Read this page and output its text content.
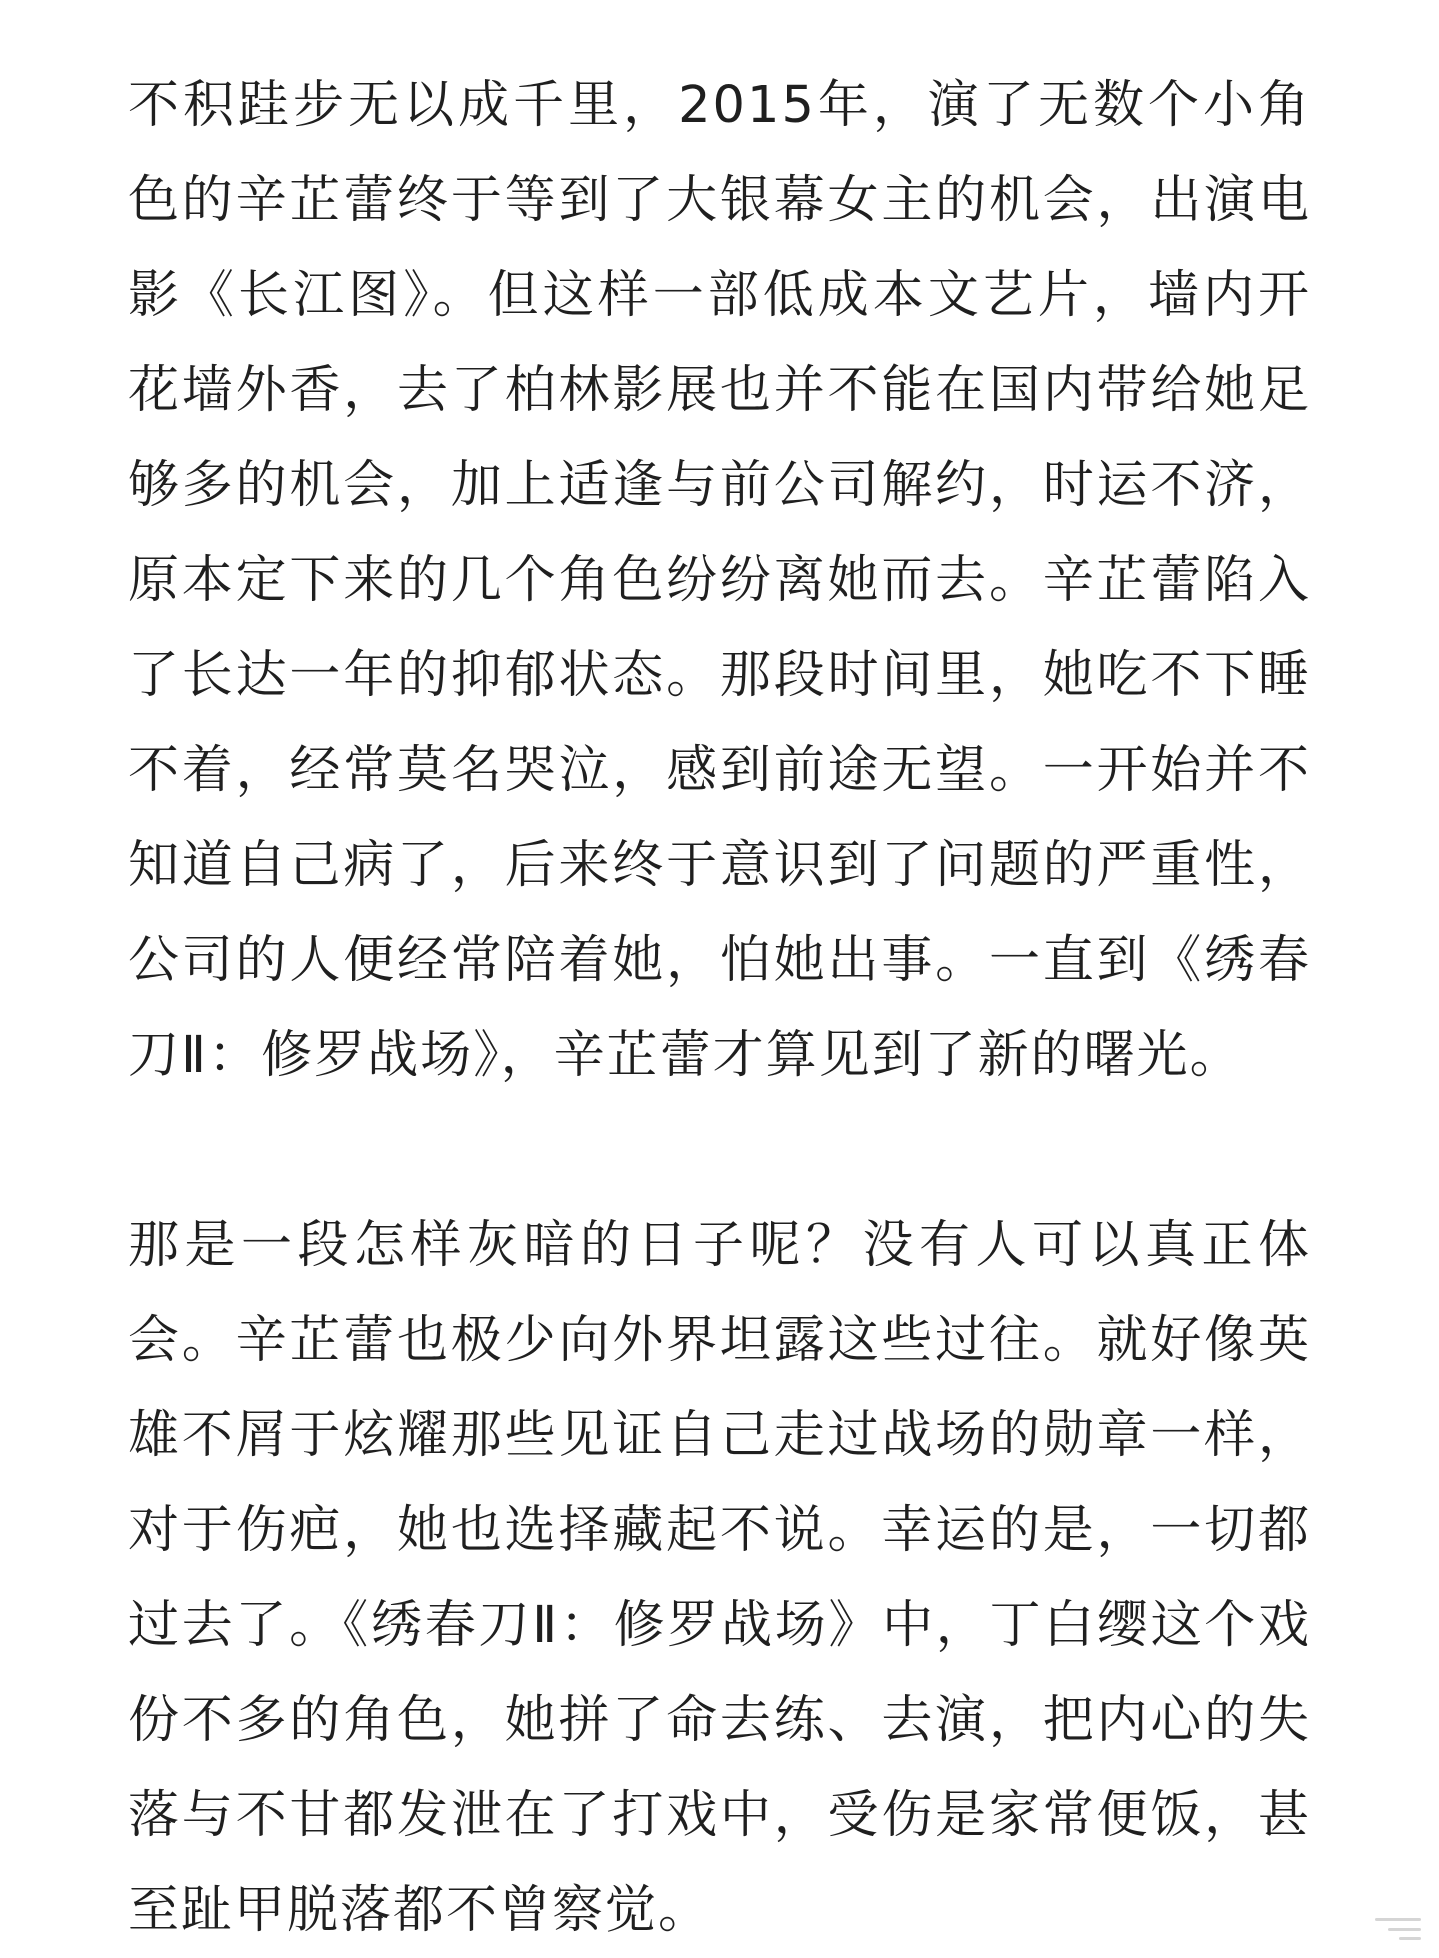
不积跬步无以成千里，2015年，演了无数个小角色的辛芷蕾终于等到了大银幕女主的机会，出演电影《长江图》。但这样一部低成本文艺片，墙内开花墙外香，去了柏林影展也并不能在国内带给她足够多的机会，加上适逢与前公司解约，时运不济，原本定下来的几个角色纷纷离她而去。辛芷蕾陷入了长达一年的抑郁状态。那段时间里，她吃不下睡不着，经常莫名哭泣，感到前途无望。一开始并不知道自己病了，后来终于意识到了问题的严重性，公司的人便经常陪着她，怕她出事。一直到《绣春刀Ⅱ：修罗战场》，辛芷蕾才算见到了新的曙光。

那是一段怎样灰暗的日子呢？没有人可以真正体会。辛芷蕾也极少向外界坦露这些过往。就好像英雄不屑于炫耀那些见证自己走过战场的勋章一样，对于伤疤，她也选择藏起不说。幸运的是，一切都过去了。《绣春刀Ⅱ：修罗战场》中，丁白缨这个戏份不多的角色，她拼了命去练、去演，把内心的失落与不甘都发泄在了打戏中，受伤是家常便饭，甚至趾甲脱落都不曾察觉。
